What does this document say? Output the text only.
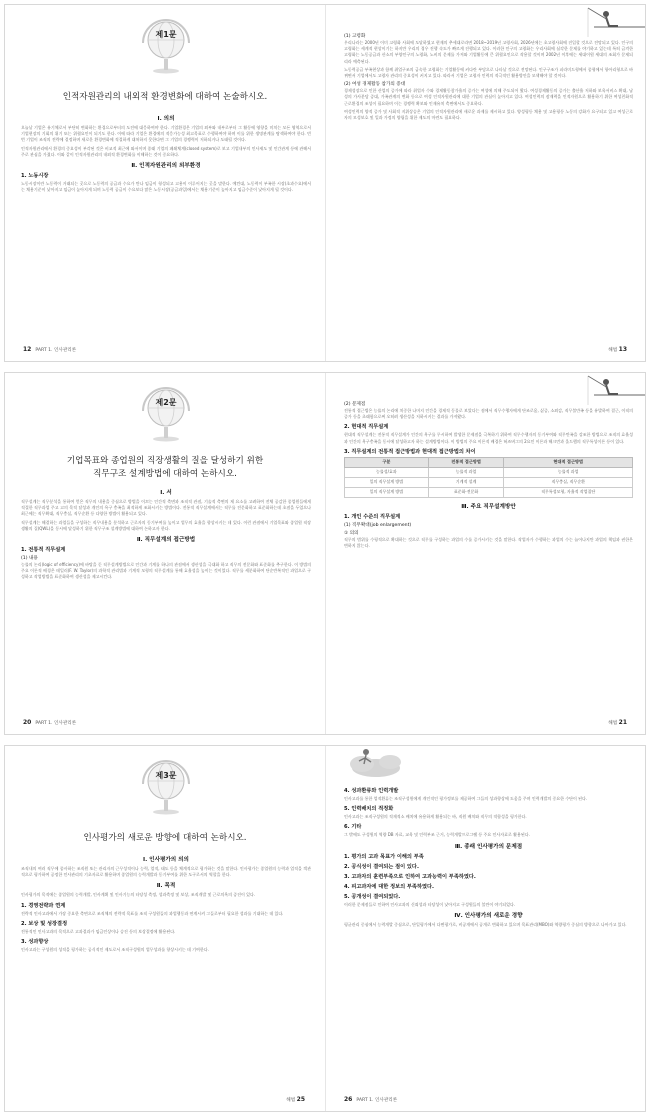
제1문
인적자원관리의 내외적 환경변화에 대하여 논술하시오.
Ⅰ. 의의

오늘날 기업은 유기체로서 부단히 변화하는 환경으로부터의 도전에 대응하여야 한다. 기업환경은 기업의 외부와 내부로부터 그 활동에 영향을 미치는 모든 영역으로서 기업현장의 기회의 위기 또는 위협요인이 되기도 한다. 이에 따라 기업은 환경에의 적응가능성 최고목표로 수행하여야 하며 이를 위한 생명관계를 탐색하여야 한다. 빈번 기업이 조직의 전략에 결정하며 새로운 환경변화에 적절하게 대처하지 못한다면 그 기업의 경쟁력이 저하되거나 도태될 것이다.

인적자원관리에서 환경의 중요성이 부각된 것은 비교적 최근에 와서이며 종래 기업의 폐쇄체계(closed system)로 보고 기업내부의 인사제도 및 인간관계 등에 관해서 주로 관심을 가졌다. 이와 같이 인적자원관리의 내외적 환경변화를 이해하는 것이 중요하다.

Ⅱ. 인적자원관리의 외부환경
1. 노동시장

노동시장이란 노동력이 거래되는 곳으로 노동력의 공급과 수요가 만나 임금이 형성되고 고용이 이루어지는 곳을 말한다. 예컨대, 노동력이 부족한 시장(초과수요)에서는 채용기준이 낮아지고 임금이 높아지게 되며 노동력 공급이 수요보다 많은 노동시장(공급과잉)에서는 채용기준이 높아지고 임금수준이 낮아지게 될 것이다.

12 PART 1. 인사관리론
(1) 고령화

우리나라는 2000년 이미 고령화 사회에 도달하였고 현재의 추세대로라면 2018~2019년 고령사회, 2026년에는 초고령사회에 진입할 것으로 전망되고 있다. 인구의 고령화는 세계적 현상이기는 하지만 우리의 경우 진행 속도가 빠르게 진행되고 있다. 이러한 인구의 고령화는 우리사회에 심각한 문제를 야기하고 있는데 특히 급격한 고령화는 노동공급과 산소의 부양인구의 노령화, 노비의 문제를 가져와 기업활동에 큰 위협요인으로 작용할 것이며 2002년 이후에는 세대이원 세대의 조회가 문제되리라 예측된다.

노동력공급 부족현상과 함께 취업구조의 급속한 고령화는 기업활동에 커다란 부담으로 나타날 것으로 전망된다. 인구구조가 피라미드형에서 종형에서 항아리형으로 바뀌면서 기업에서도 고령자 관리의 중요성이 커지고 있다. 따라서 기업은 고령자 인력의 적극적인 활용방안을 모색해야 할 것이다.

(2) 여성 경제활동 참가의 증대

경제성장으로 인한 산업의 증가에 따라 취업자 수와 경제활동참가율의 증가는 여성에 의해 주도되어 왔다. 여성경제활동의 증가는 출산율 저하와 보육서비스 확대, 남성의 가사분담 증대, 가족관계의 변화 등으로 여성 인적자원관리에 대한 기업의 관심이 높아지고 있다. 여성인력의 잠재력을 인적자원으로 활용하기 위한 여성친화적 근로환경의 조성이 필요하며 이는 경쟁력 확보와 인재유치 측면에서도 중요하다.

여성인력의 양적 증가 및 사회적 지위상승은 기업의 인적자원관리에 새로운 과제를 제시하고 있다. 양성평등 채용 및 고용평등 노동의 강화가 요구되고 있고 여성근로자의 모성보호 및 일과 가정의 양립을 위한 제도의 마련도 필요하다.

해법 13
제2문
기업목표와 종업원의 직장생활의 질을 달성하기 위한
직무구조 설계방법에 대하여 논하시오.
Ⅰ. 서

직무설계는 직무분석을 통하여 얻은 직무의 내용을 중심으로 방법을 이끄는 인간적 측면과 조직적 관점, 기술적 측면의 제 요소를 고려하여 전체 공감한 종업원들에게 적절한 직무과업 주고 고의 목적 달성과 개인의 욕구 충족을 최적하게 조화시키는 방법이다. 전통적 직무설계에서는 직무를 전문화하고 표준화하는데 초점을 두었으나 최근에는 직무확대, 직무충실, 직무순환 등 다양한 방법이 활용되고 있다.

직무설계는 해결하는 과업들을 구성하는 직무내용을 분석하고 근로자의 동기부여를 높이고 업무의 효율을 향상시키는 데 있다. 이런 관점에서 기업목표와 종업원 직장생활의 질(QWL)을 동시에 달성하기 위한 직무구조 설계방법에 대하여 논하고자 한다.

Ⅱ. 직무설계의 접근방법
1. 전통적 직무설계
(1) 내용

능률의 논리(logic of efficiency)에 바탕을 둔 직무설계방법으로 인간과 기계를 하나의 관점에서 생산성을 극대화 하고 직무의 전문화와 표준화를 추구한다. 이 방법의 주요 이론적 배경은 테일러(F. W. Taylor)의 과학적 관리법과 기계적 모형의 직무설계를 통해 효율성을 높이는 것이었다. 직무를 세분화하여 단순반복적인 과업으로 구성하고 작업방법을 표준화하여 생산성을 제고시킨다.

20 PART 1. 인사관리론
(2) 문제점

전통적 접근법은 능률의 논리에 치중한 나머지 인간을 경제적 동물로 보았다는 점에서 직무수행자에게 단조로움, 싫증, 소외감, 직무불만족 등을 유발하여 결근, 이직의 증가 등을 초래함으로써 오히려 생산성을 저하시키는 결과를 가져왔다.

2. 현대적 직무설계

현대적 직무설계는 전통적 직무설계가 인간의 욕구를 무시하여 발생한 문제점을 극복하기 위하여 직무수행자의 동기부여와 직무만족을 강조한 방법으로 조직의 효율성과 인간의 욕구충족을 동시에 달성하고자 하는 설계방법이다. 이 방법의 주요 이론적 배경은 허즈버그의 2요인 이론과 해크먼과 올드햄의 직무특성이론 등이 있다.

3. 직무설계의 전통적 접근방법과 현대적 접근방법의 차이
구분	전통적 접근방법	현대적 접근방법
능률성/효과	능률적 과업	능률적 과업
일의 직무설계 방법	기계적 설계	직무충실, 직무순환
일의 직무설계 방법	표준화·전문화	직무특성모형, 자율적 작업집단
Ⅲ. 주요 직무설계방안
1. 개인 수준의 직무설계
(1) 직무확대(job enlargement)
① 의의

직무의 범위를 수평적으로 확대하는 것으로 직무를 구성하는 과업의 수를 증가시키는 것을 말한다. 작업자가 수행하는 과업의 수는 늘어나지만 과업의 책임과 권한은 변하지 않는다.

해법 21
제3문
인사평가의 새로운 방향에 대하여 논하시오.
Ⅰ. 인사평가의 의의

조직내의 여러 직무에 종사하는 조직원 또는 관리자의 근무성적이나 능력, 업적, 태도 등을 체계적으로 평가하는 것을 말한다. 인사평가는 종업원의 능력과 업적을 객관적으로 평가하여 공정한 인사관리의 기초자료로 활용하며 종업원의 능력개발과 동기부여를 위한 도구로서의 역할을 한다.

Ⅱ. 목적

인사평가의 목적에는 종업원의 능력개발, 인사계획 및 인사기능의 타당성 측정, 성과측정 및 보상, 조직개발 및 근로의욕의 증진이 있다.

1. 경영전략과 연계

전략적 인사고과에서 가장 중요한 측면으로 조직체의 전략적 목표를 조직 구성원들의 과업행동과 연계시켜 그들로부터 필요한 성과를 기대하는 데 있다.

2. 보상 및 성장결정

전통적인 인사고과의 목적으로 고과결과가 임금인상이나 승진 등의 보상결정에 활용된다.

3. 성과향상

인사고과는 구성원의 성적을 평가하는 공식적인 제도로서 조직구성원의 업무성과를 향상시키는 데 기여한다.

해법 25
4. 성과환류와 인력개발

인사고과를 통한 업적환류는 조직구성원에게 개인적인 평가정보를 제공하여 그들의 성과향상에 도움을 주며 인력개발의 중요한 수단이 된다.

5. 인력배치의 적정화

인사고과는 조직구성원의 적재적소 배치에 유용하게 활용되는 바, 직원 배치와 직무의 적합성을 평가한다.

6. 기타

그 밖에도 구성원의 역량 DB 자료, 교육 및 인력부조 근거, 능력개발프로그램 등 주요 인사자료로 활용된다.

Ⅲ. 종래 인사평가의 문제점
1. 평가의 고과 목표가 이해의 부족
2. 공식성이 결여되는 점이 있다.
3. 고과자의 훈련부족으로 인하여 고과능력이 부족하였다.
4. 피고과자에 대한 정보의 부족하였다.
5. 공개성이 결여되었다.

이러한 문제점들로 인하여 인사고과의 신뢰성과 타당성이 낮아지고 구성원들의 불만이 야기되었다.

Ⅳ. 인사평가의 새로운 경향

평균관리 중심에서 능력개발 중심으로, 단일평가에서 다면평가로, 비공개에서 공개로 변화하고 있으며 목표관리(MBO)와 역량평가 중심의 방향으로 나아가고 있다.

26 PART 1. 인사관리론
